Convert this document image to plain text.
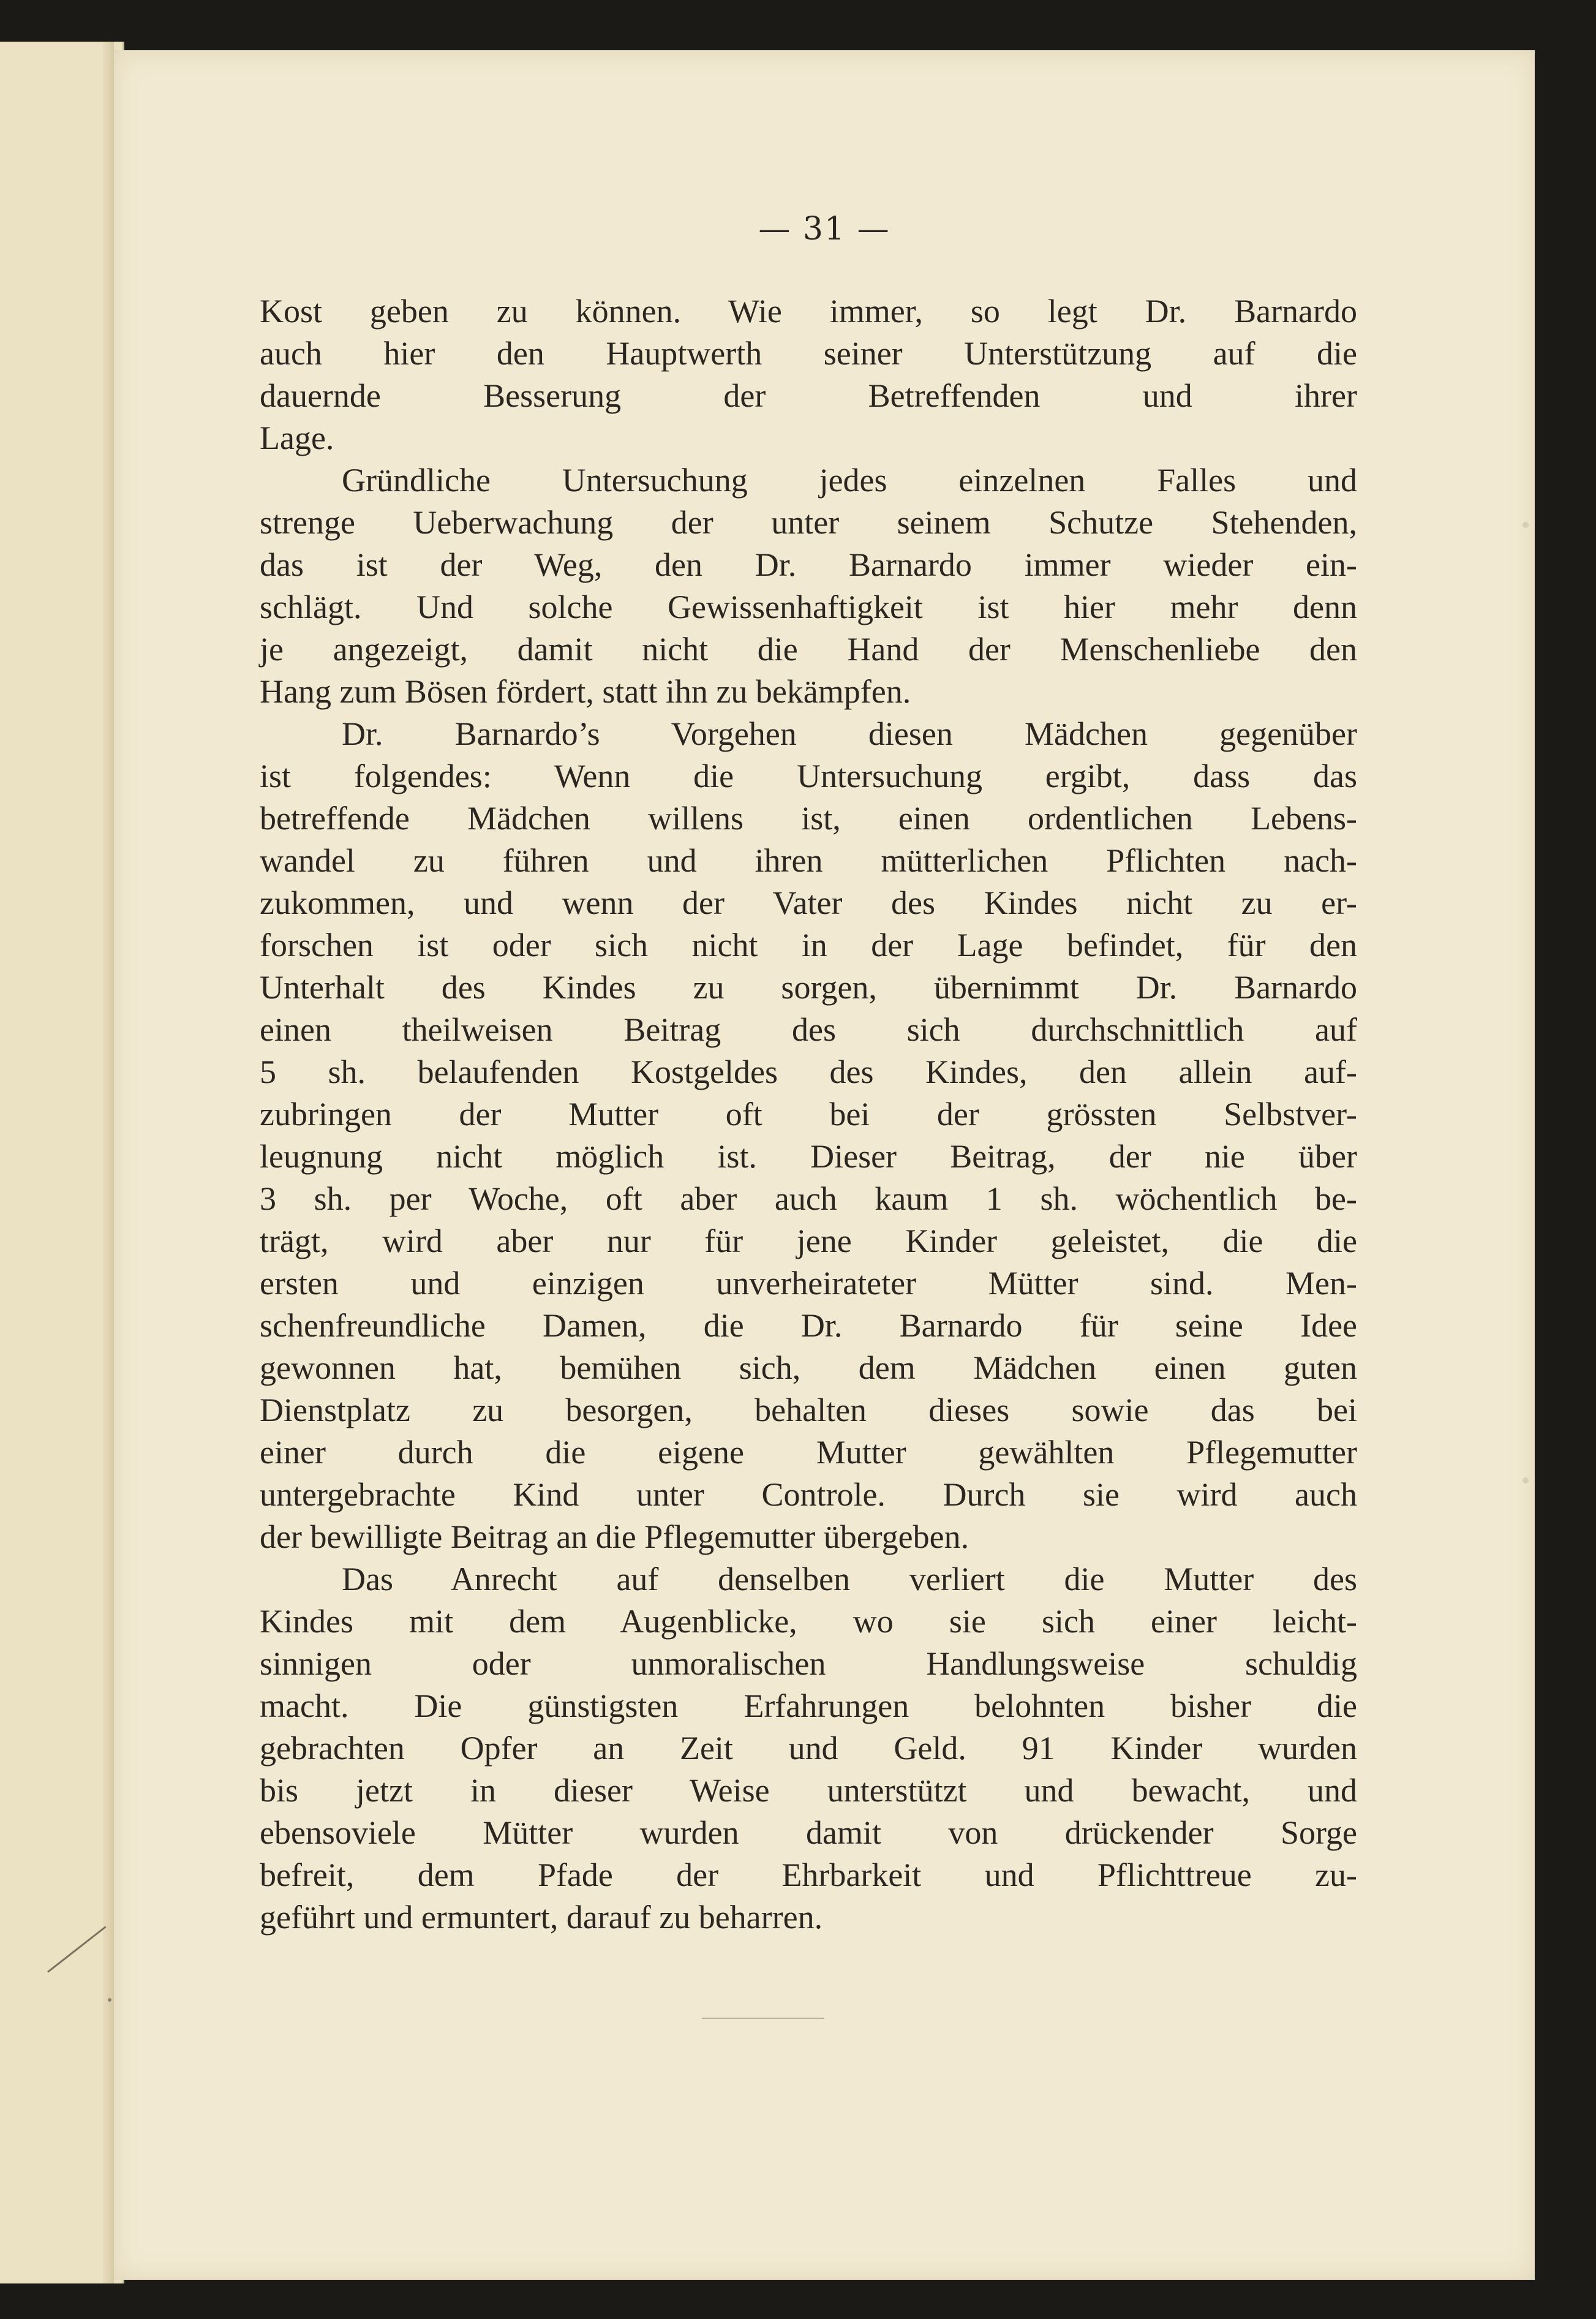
— 31 —
Kost geben zu können. Wie immer, so legt Dr. Barnardo
auch hier den Hauptwerth seiner Unterstützung auf die
dauernde Besserung der Betreffenden und ihrer
Lage.
Gründliche Untersuchung jedes einzelnen Falles und
strenge Ueberwachung der unter seinem Schutze Stehenden,
das ist der Weg, den Dr. Barnardo immer wieder ein-
schlägt. Und solche Gewissenhaftigkeit ist hier mehr denn
je angezeigt, damit nicht die Hand der Menschenliebe den
Hang zum Bösen fördert, statt ihn zu bekämpfen.
Dr. Barnardo’s Vorgehen diesen Mädchen gegenüber
ist folgendes: Wenn die Untersuchung ergibt, dass das
betreffende Mädchen willens ist, einen ordentlichen Lebens-
wandel zu führen und ihren mütterlichen Pflichten nach-
zukommen, und wenn der Vater des Kindes nicht zu er-
forschen ist oder sich nicht in der Lage befindet, für den
Unterhalt des Kindes zu sorgen, übernimmt Dr. Barnardo
einen theilweisen Beitrag des sich durchschnittlich auf
5 sh. belaufenden Kostgeldes des Kindes, den allein auf-
zubringen der Mutter oft bei der grössten Selbstver-
leugnung nicht möglich ist. Dieser Beitrag, der nie über
3 sh. per Woche, oft aber auch kaum 1 sh. wöchentlich be-
trägt, wird aber nur für jene Kinder geleistet, die die
ersten und einzigen unverheirateter Mütter sind. Men-
schenfreundliche Damen, die Dr. Barnardo für seine Idee
gewonnen hat, bemühen sich, dem Mädchen einen guten
Dienstplatz zu besorgen, behalten dieses sowie das bei
einer durch die eigene Mutter gewählten Pflegemutter
untergebrachte Kind unter Controle. Durch sie wird auch
der bewilligte Beitrag an die Pflegemutter übergeben.
Das Anrecht auf denselben verliert die Mutter des
Kindes mit dem Augenblicke, wo sie sich einer leicht-
sinnigen oder unmoralischen Handlungsweise schuldig
macht. Die günstigsten Erfahrungen belohnten bisher die
gebrachten Opfer an Zeit und Geld. 91 Kinder wurden
bis jetzt in dieser Weise unterstützt und bewacht, und
ebensoviele Mütter wurden damit von drückender Sorge
befreit, dem Pfade der Ehrbarkeit und Pflichttreue zu-
geführt und ermuntert, darauf zu beharren.
